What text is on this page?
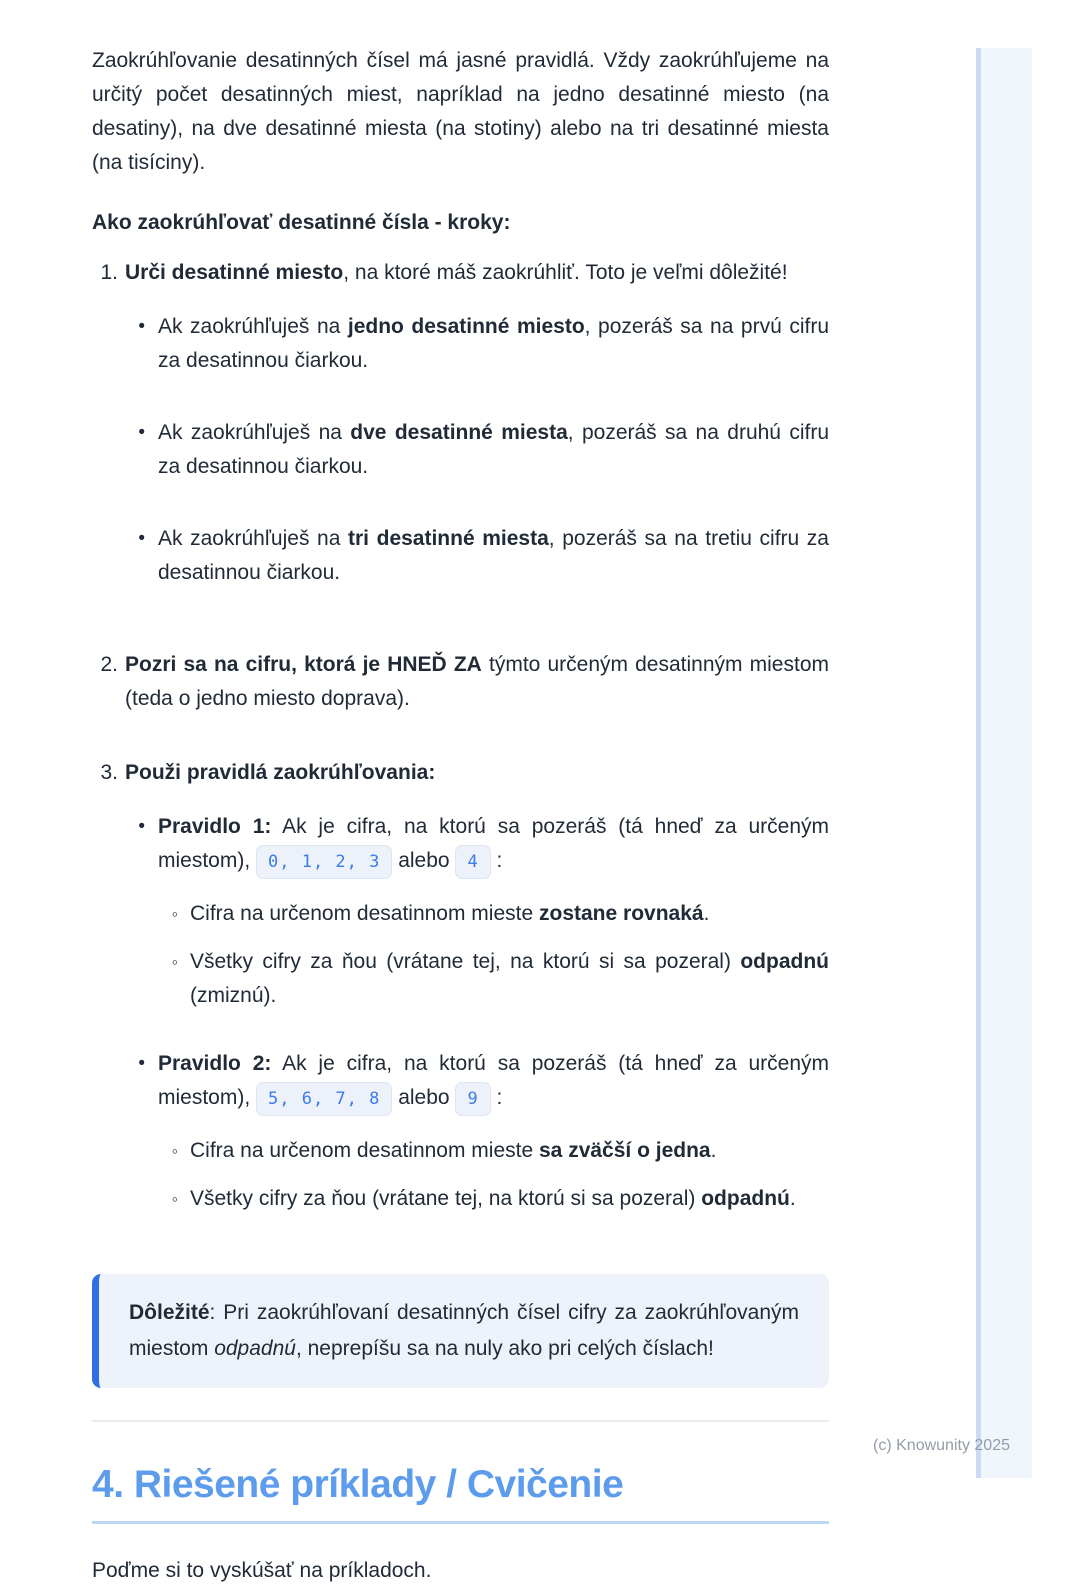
Zaokrúhľovanie desatinných čísel má jasné pravidlá. Vždy zaokrúhľujeme na určitý počet desatinných miest, napríklad na jedno desatinné miesto (na desatiny), na dve desatinné miesta (na stotiny) alebo na tri desatinné miesta (na tisíciny).

Ako zaokrúhľovať desatinné čísla - kroky:
1. Urči desatinné miesto, na ktoré máš zaokrúhliť. Toto je veľmi dôležité!

• Ak zaokrúhľuješ na jedno desatinné miesto, pozeráš sa na prvú cifru za desatinnou čiarkou.

• Ak zaokrúhľuješ na dve desatinné miesta, pozeráš sa na druhú cifru za desatinnou čiarkou.

• Ak zaokrúhľuješ na tri desatinné miesta, pozeráš sa na tretiu cifru za desatinnou čiarkou.

2. Pozri sa na cifru, ktorá je HNEĎ ZA týmto určeným desatinným miestom (teda o jedno miesto doprava).

3. Použi pravidlá zaokrúhľovania:

• Pravidlo 1: Ak je cifra, na ktorú sa pozeráš (tá hneď za určeným miestom), 0, 1, 2, 3 alebo 4 :

◦ Cifra na určenom desatinnom mieste zostane rovnaká.

◦ Všetky cifry za ňou (vrátane tej, na ktorú si sa pozeral) odpadnú (zmiznú).

• Pravidlo 2: Ak je cifra, na ktorú sa pozeráš (tá hneď za určeným miestom), 5, 6, 7, 8 alebo 9 :

◦ Cifra na určenom desatinnom mieste sa zväčší o jedna.

◦ Všetky cifry za ňou (vrátane tej, na ktorú si sa pozeral) odpadnú.

Dôležité: Pri zaokrúhľovaní desatinných čísel cifry za zaokrúhľovaným miestom odpadnú, neprepíšu sa na nuly ako pri celých číslach!

4. Riešené príklady / Cvičenie

Poďme si to vyskúšať na príkladoch.

(c) Knowunity 2025
